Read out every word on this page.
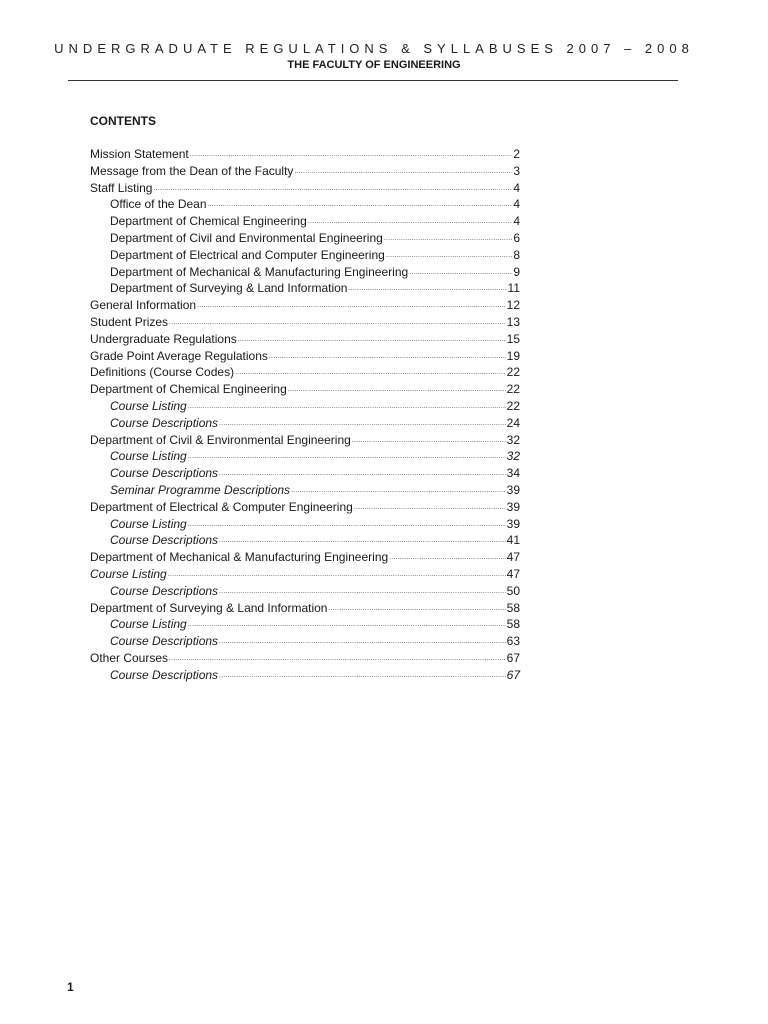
UNDERGRADUATE REGULATIONS & SYLLABUSES 2007 – 2008
THE FACULTY OF ENGINEERING
CONTENTS
Mission Statement .....	2
Message from the Dean of the Faculty .....	3
Staff Listing .....	4
Office of the Dean .....	4
Department of Chemical Engineering .....	4
Department of Civil and Environmental Engineering .....	6
Department of Electrical and Computer Engineering .....	8
Department of Mechanical & Manufacturing Engineering .....	9
Department of Surveying & Land Information .....	11
General Information .....	12
Student Prizes .....	13
Undergraduate Regulations .....	15
Grade Point Average Regulations .....	19
Definitions (Course Codes) .....	22
Department of Chemical Engineering .....	22
Course Listing .....	22
Course Descriptions .....	24
Department of Civil & Environmental Engineering .....	32
Course Listing .....	32
Course Descriptions .....	34
Seminar Programme Descriptions .....	39
Department of Electrical & Computer Engineering .....	39
Course Listing .....	39
Course Descriptions .....	41
Department of Mechanical & Manufacturing Engineering .....	47
Course Listing .....	47
Course Descriptions .....	50
Department of Surveying & Land Information .....	58
Course Listing .....	58
Course Descriptions .....	63
Other Courses .....	67
Course Descriptions .....	67
1
